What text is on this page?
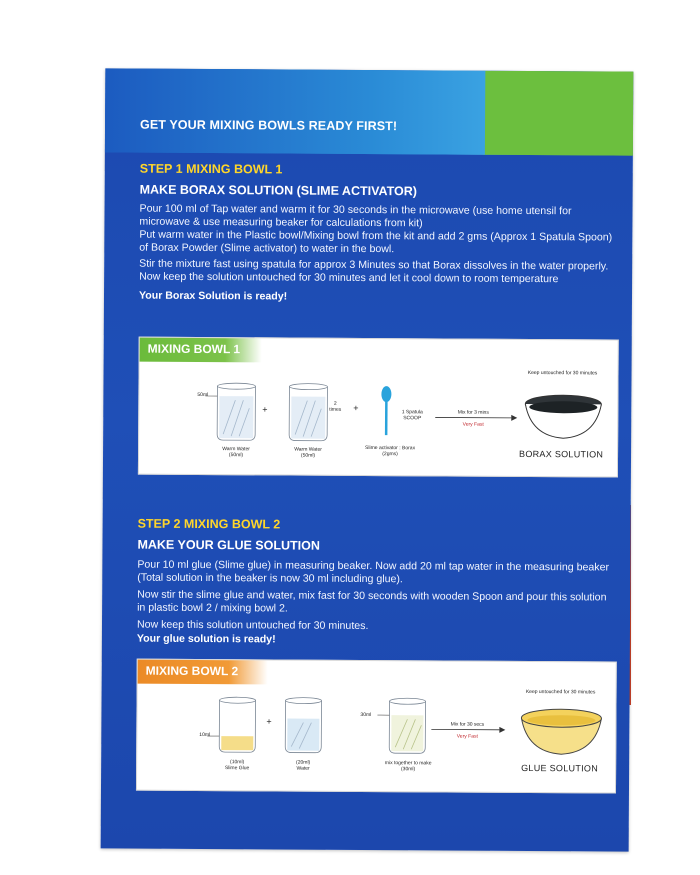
GET YOUR MIXING BOWLS READY FIRST!
STEP 1 MIXING BOWL 1
MAKE BORAX SOLUTION (SLIME ACTIVATOR)
Pour 100 ml of Tap water and warm it for 30 seconds in the microwave (use home utensil for microwave & use measuring beaker for calculations from kit)
Put warm water in the Plastic bowl/Mixing bowl from the kit and add 2 gms (Approx 1 Spatula Spoon) of Borax Powder (Slime activator) to water in the bowl.
Stir the mixture fast using spatula for approx 3 Minutes so that Borax dissolves in the water properly. Now keep the solution untouched for 30 minutes and let it cool down to room temperature
Your Borax Solution is ready!
MIXING BOWL 1
50ml
+
2
times +
Warm Water
(50ml)
Warm Water
(50ml)
1 Spatula
SCOOP
Slime activator : Borax
(2gms)
Mix for 3 mins
Very Fast
Keep untouched for 30 minutes
BORAX SOLUTION
STEP 2 MIXING BOWL 2
MAKE YOUR GLUE SOLUTION
Pour 10 ml glue (Slime glue) in measuring beaker. Now add 20 ml tap water in the measuring beaker (Total solution in the beaker is now 30 ml including glue).
Now stir the slime glue and water, mix fast for 30 seconds with wooden Spoon and pour this solution in plastic bowl 2 / mixing bowl 2.
Now keep this solution untouched for 30 minutes.
Your glue solution is ready!
MIXING BOWL 2
10ml
+
(10ml)
Slime Glue
(20ml)
Water
30ml
mix together to make
(30ml)
Mix for 30 secs
Very Fast
Keep untouched for 30 minutes
GLUE SOLUTION
